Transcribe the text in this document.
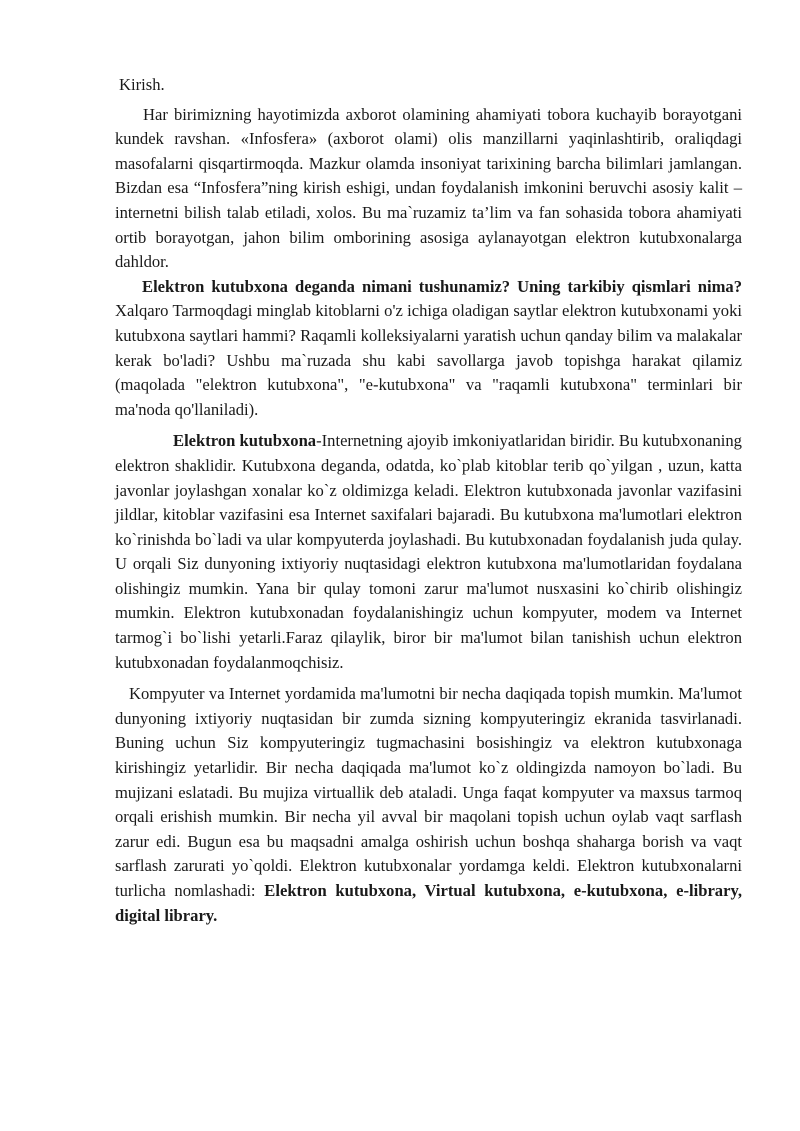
Kirish.

Har birimizning hayotimizda axborot olamining ahamiyati tobora kuchayib borayotgani kundek ravshan. «Infosfera» (axborot olami) olis manzillarni yaqinlashtirib, oraliqdagi masofalarni qisqartirmoqda. Mazkur olamda insoniyat tarixining barcha bilimlari jamlangan. Bizdan esa “Infosfera”ning kirish eshigi, undan foydalanish imkonini beruvchi asosiy kalit – internetni bilish talab etiladi, xolos. Bu ma`ruzamiz ta’lim va fan sohasida tobora ahamiyati ortib borayotgan, jahon bilim omborining asosiga aylanayotgan elektron kutubxonalarga dahldor.

Elektron kutubxona deganda nimani tushunamiz? Uning tarkibiy qismlari nima? Xalqaro Tarmoqdagi minglab kitoblarni o'z ichiga oladigan saytlar elektron kutubxonami yoki kutubxona saytlari hammi? Raqamli kolleksiyalarni yaratish uchun qanday bilim va malakalar kerak bo'ladi? Ushbu ma`ruzada shu kabi savollarga javob topishga harakat qilamiz (maqolada "elektron kutubxona", "e-kutubxona" va "raqamli kutubxona" terminlari bir ma'noda qo'llaniladi).

Elektron kutubxona-Internetning ajoyib imkoniyatlaridan biridir. Bu kutubxonaning elektron shaklidir. Kutubxona deganda, odatda, ko`plab kitoblar terib qo`yilgan , uzun, katta javonlar joylashgan xonalar ko`z oldimizga keladi. Elektron kutubxonada javonlar vazifasini jildlar, kitoblar vazifasini esa Internet saxifalari bajaradi. Bu kutubxona ma'lumotlari elektron ko`rinishda bo`ladi va ular kompyuterda joylashadi. Bu kutubxonadan foydalanish juda qulay. U orqali Siz dunyoning ixtiyoriy nuqtasidagi elektron kutubxona ma'lumotlaridan foydalana olishingiz mumkin. Yana bir qulay tomoni zarur ma'lumot nusxasini ko`chirib olishingiz mumkin. Elektron kutubxonadan foydalanishingiz uchun kompyuter, modem va Internet tarmog`i bo`lishi yetarli.Faraz qilaylik, biror bir ma'lumot bilan tanishish uchun elektron kutubxonadan foydalanmoqchisiz.

Kompyuter va Internet yordamida ma'lumotni bir necha daqiqada topish mumkin. Ma'lumot dunyoning ixtiyoriy nuqtasidan bir zumda sizning kompyuteringiz ekranida tasvirlanadi. Buning uchun Siz kompyuteringiz tugmachasini bosishingiz va elektron kutubxonaga kirishingiz yetarlidir. Bir necha daqiqada ma'lumot ko`z oldingizda namoyon bo`ladi. Bu mujizani eslatadi. Bu mujiza virtuallik deb ataladi. Unga faqat kompyuter va maxsus tarmoq orqali erishish mumkin. Bir necha yil avval bir maqolani topish uchun oylab vaqt sarflash zarur edi. Bugun esa bu maqsadni amalga oshirish uchun boshqa shaharga borish va vaqt sarflash zarurati yo`qoldi. Elektron kutubxonalar yordamga keldi. Elektron kutubxonalarni turlicha nomlashadi: Elektron kutubxona, Virtual kutubxona, e-kutubxona, e-library, digital library.
